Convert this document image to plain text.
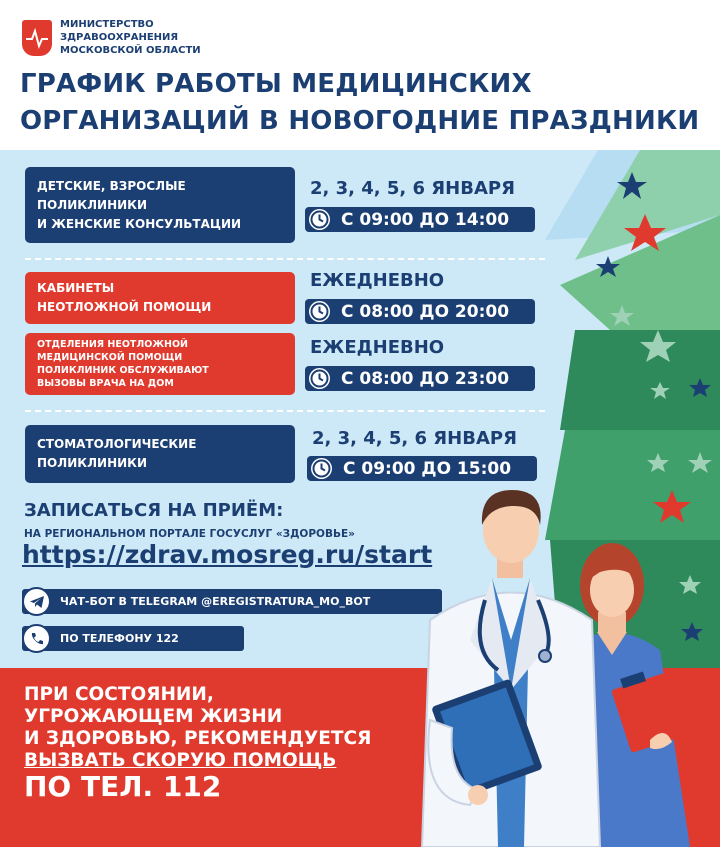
МИНИСТЕРСТВО
ЗДРАВООХРАНЕНИЯ
МОСКОВСКОЙ ОБЛАСТИ
ГРАФИК РАБОТЫ МЕДИЦИНСКИХ
ОРГАНИЗАЦИЙ В НОВОГОДНИЕ ПРАЗДНИКИ
ДЕТСКИЕ, ВЗРОСЛЫЕ
ПОЛИКЛИНИКИ
И ЖЕНСКИЕ КОНСУЛЬТАЦИИ
2, 3, 4, 5, 6 ЯНВАРЯ
С 09:00 ДО 14:00
КАБИНЕТЫ
НЕОТЛОЖНОЙ ПОМОЩИ
ЕЖЕДНЕВНО
С 08:00 ДО 20:00
ОТДЕЛЕНИЯ НЕОТЛОЖНОЙ
МЕДИЦИНСКОЙ ПОМОЩИ
ПОЛИКЛИНИК ОБСЛУЖИВАЮТ
ВЫЗОВЫ ВРАЧА НА ДОМ
ЕЖЕДНЕВНО
С 08:00 ДО 23:00
СТОМАТОЛОГИЧЕСКИЕ
ПОЛИКЛИНИКИ
2, 3, 4, 5, 6 ЯНВАРЯ
С 09:00 ДО 15:00
ЗАПИСАТЬСЯ НА ПРИЁМ:
НА РЕГИОНАЛЬНОМ ПОРТАЛЕ ГОСУСЛУГ «ЗДОРОВЬЕ»
https://zdrav.mosreg.ru/start
ЧАТ-БОТ В TELEGRAM @EREGISTRATURA_MO_BOT
ПО ТЕЛЕФОНУ
122
ПРИ СОСТОЯНИИ,
УГРОЖАЮЩЕМ ЖИЗНИ
И ЗДОРОВЬЮ, РЕКОМЕНДУЕТСЯ
ВЫЗВАТЬ СКОРУЮ ПОМОЩЬ
ПО ТЕЛ. 112
